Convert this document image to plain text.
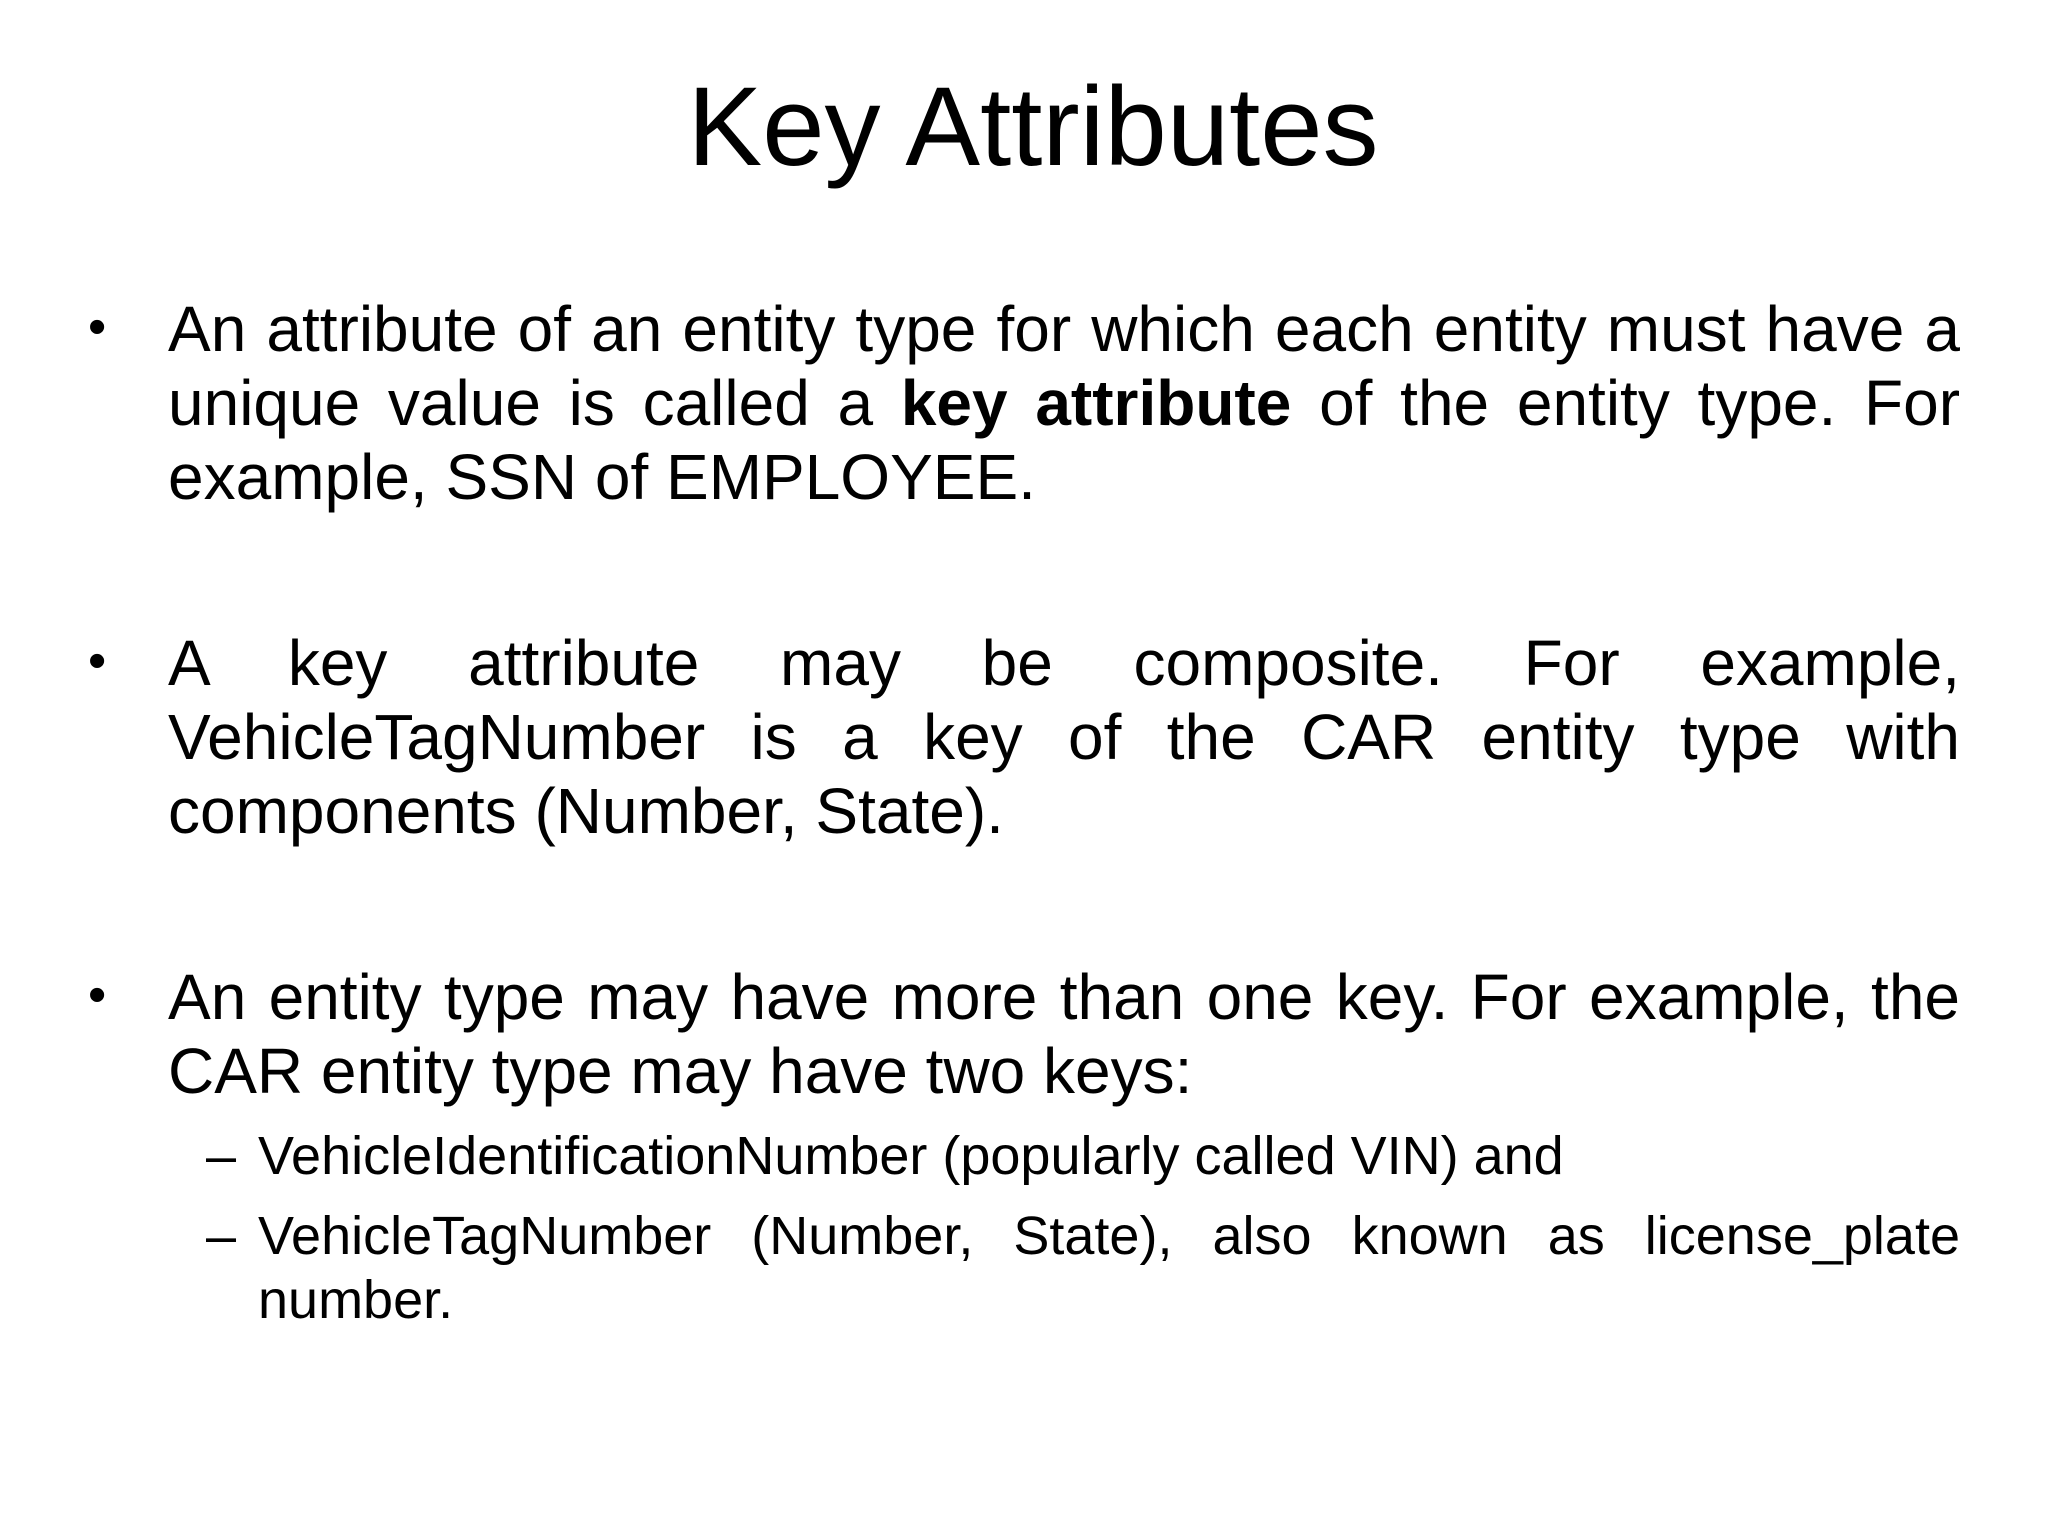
Key Attributes
• An attribute of an entity type for which each entity must have a unique value is called a key attribute of the entity type. For example, SSN of EMPLOYEE.

• A key attribute may be composite. For example, VehicleTagNumber is a key of the CAR entity type with components (Number, State).

• An entity type may have more than one key. For example, the CAR entity type may have two keys:

– VehicleIdentificationNumber (popularly called VIN) and

– VehicleTagNumber (Number, State), also known as license_plate number.
